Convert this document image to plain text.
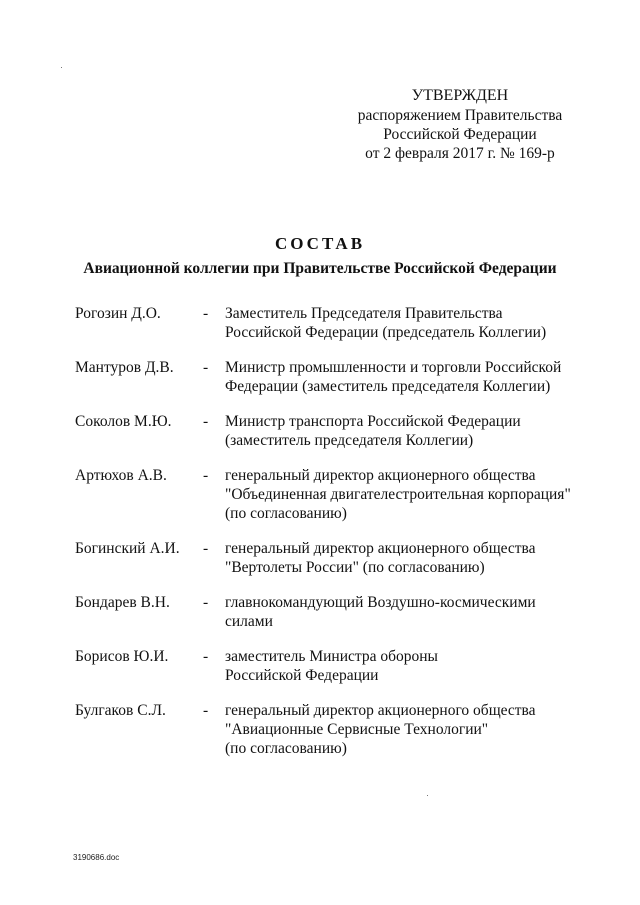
УТВЕРЖДЕН
распоряжением Правительства
Российской Федерации
от 2 февраля 2017 г. № 169-р
СОСТАВ
Авиационной коллегии при Правительстве Российской Федерации
Рогозин Д.О.	-	Заместитель Председателя Правительства
Российской Федерации (председатель Коллегии)
Мантуров Д.В.	-	Министр промышленности и торговли Российской
Федерации (заместитель председателя Коллегии)
Соколов М.Ю.	-	Министр транспорта Российской Федерации
(заместитель председателя Коллегии)
Артюхов А.В.	-	генеральный директор акционерного общества
"Объединенная двигателестроительная корпорация"
(по согласованию)
Богинский А.И.	-	генеральный директор акционерного общества
"Вертолеты России" (по согласованию)
Бондарев В.Н.	-	главнокомандующий Воздушно-космическими
силами
Борисов Ю.И.	-	заместитель Министра обороны
Российской Федерации
Булгаков С.Л.	-	генеральный директор акционерного общества
"Авиационные Сервисные Технологии"
(по согласованию)
3190686.doc
